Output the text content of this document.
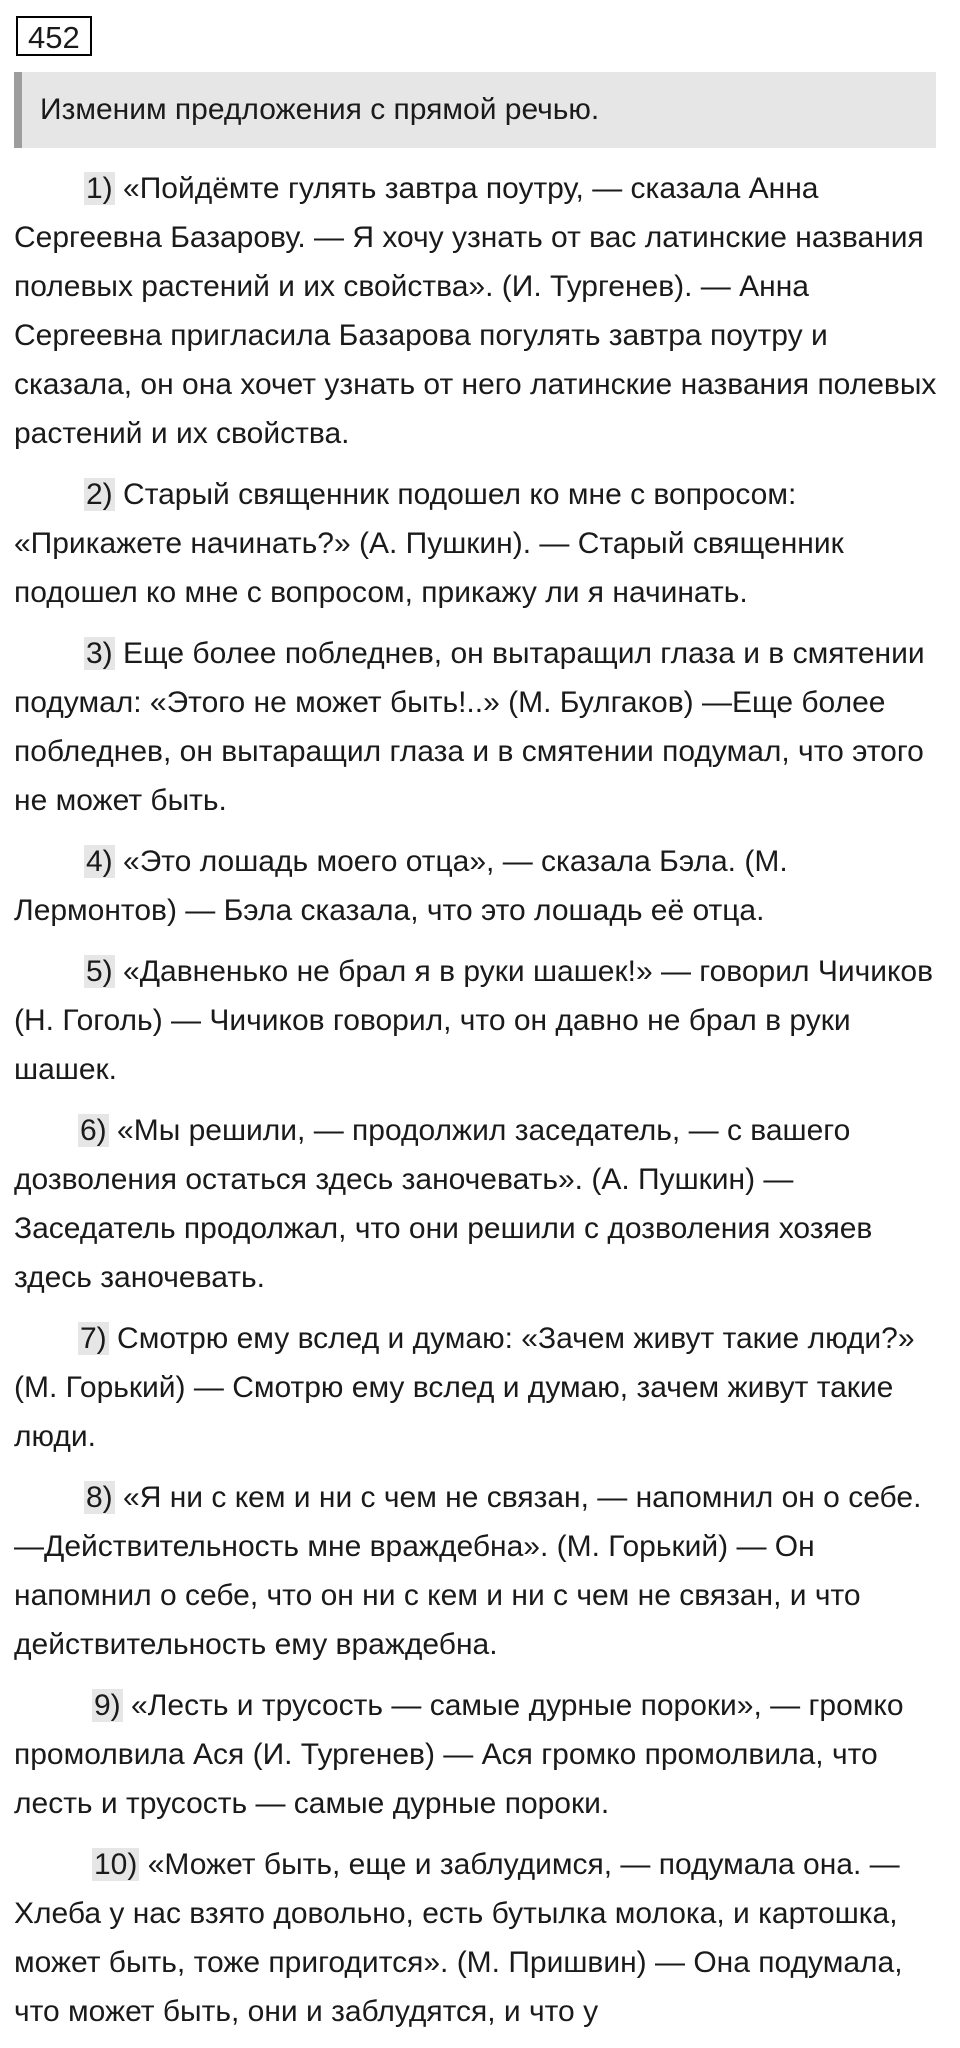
452
Изменим предложения с прямой речью.

1) «Пойдёмте гулять завтра поутру, — сказала Анна Сергеевна Базарову. — Я хочу узнать от вас латинские названия полевых растений и их свойства». (И. Тургенев). — Анна Сергеевна пригласила Базарова погулять завтра поутру и сказала, он она хочет узнать от него латинские названия полевых растений и их свойства.

2) Старый священник подошел ко мне с вопросом: «Прикажете начинать?» (А. Пушкин). — Старый священник подошел ко мне с вопросом, прикажу ли я начинать.

3) Еще более побледнев, он вытаращил глаза и в смятении подумал: «Этого не может быть!..» (М. Булгаков) —Еще более побледнев, он вытаращил глаза и в смятении подумал, что этого не может быть.

4) «Это лошадь моего отца», — сказала Бэла. (М. Лермонтов) — Бэла сказала, что это лошадь её отца.

5) «Давненько не брал я в руки шашек!» — говорил Чичиков (Н. Гоголь) — Чичиков говорил, что он давно не брал в руки шашек.

6) «Мы решили, — продолжил заседатель, — с вашего дозволения остаться здесь заночевать». (А. Пушкин) — Заседатель продолжал, что они решили с дозволения хозяев здесь заночевать.

7) Смотрю ему вслед и думаю: «Зачем живут такие люди?» (М. Горький) — Смотрю ему вслед и думаю, зачем живут такие люди.

8) «Я ни с кем и ни с чем не связан, — напомнил он о себе. —Действительность мне враждебна». (М. Горький) — Он напомнил о себе, что он ни с кем и ни с чем не связан, и что действительность ему враждебна.

9) «Лесть и трусость — самые дурные пороки», — громко промолвила Ася (И. Тургенев) — Ася громко промолвила, что лесть и трусость — самые дурные пороки.

10) «Может быть, еще и заблудимся, — подумала она. — Хлеба у нас взято довольно, есть бутылка молока, и картошка, может быть, тоже пригодится». (М. Пришвин) — Она подумала, что может быть, они и заблудятся, и что у
